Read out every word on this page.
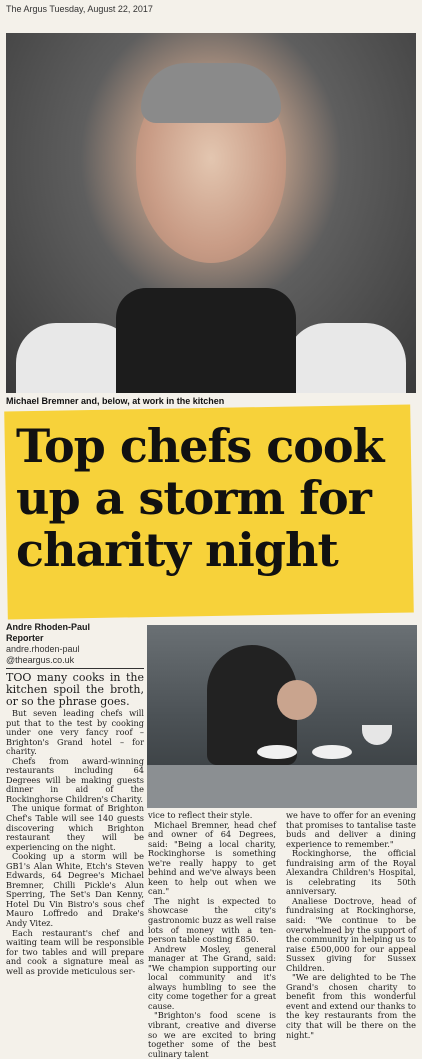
The Argus Tuesday, August 22, 2017
Michael Bremner and, below, at work in the kitchen
Top chefs cook up a storm for charity night
Andre Rhoden-Paul
Reporter
andre.rhoden-paul
@theargus.co.uk

TOO many cooks in the kitchen spoil the broth, or so the phrase goes.

But seven leading chefs will put that to the test by cooking under one very fancy roof – Brighton's Grand hotel – for charity.

Chefs from award-winning restaurants including 64 Degrees will be making guests dinner in aid of the Rockinghorse Children's Charity.

The unique format of Brighton Chef's Table will see 140 guests discovering which Brighton restaurant they will be experiencing on the night.

Cooking up a storm will be GB1's Alan White, Etch's Steven Edwards, 64 Degree's Michael Bremner, Chilli Pickle's Alun Sperring, The Set's Dan Kenny, Hotel Du Vin Bistro's sous chef Mauro Loffredo and Drake's Andy Vitez.

Each restaurant's chef and waiting team will be responsible for two tables and will prepare and cook a signature meal as well as provide meticulous ser-

vice to reflect their style.

Michael Bremner, head chef and owner of 64 Degrees, said: "Being a local charity, Rockinghorse is something we're really happy to get behind and we've always been keen to help out when we can."

The night is expected to showcase the city's gastronomic buzz as well raise lots of money with a ten-person table costing £850.

Andrew Mosley, general manager at The Grand, said: "We champion supporting our local community and it's always humbling to see the city come together for a great cause.

"Brighton's food scene is vibrant, creative and diverse so we are excited to bring together some of the best culinary talent

we have to offer for an evening that promises to tantalise taste buds and deliver a dining experience to remember."

Rockinghorse, the official fundraising arm of the Royal Alexandra Children's Hospital, is celebrating its 50th anniversary.

Analiese Doctrove, head of fundraising at Rockinghorse, said: "We continue to be overwhelmed by the support of the community in helping us to raise £500,000 for our appeal Sussex giving for Sussex Children.

"We are delighted to be The Grand's chosen charity to benefit from this wonderful event and extend our thanks to the key restaurants from the city that will be there on the night."
